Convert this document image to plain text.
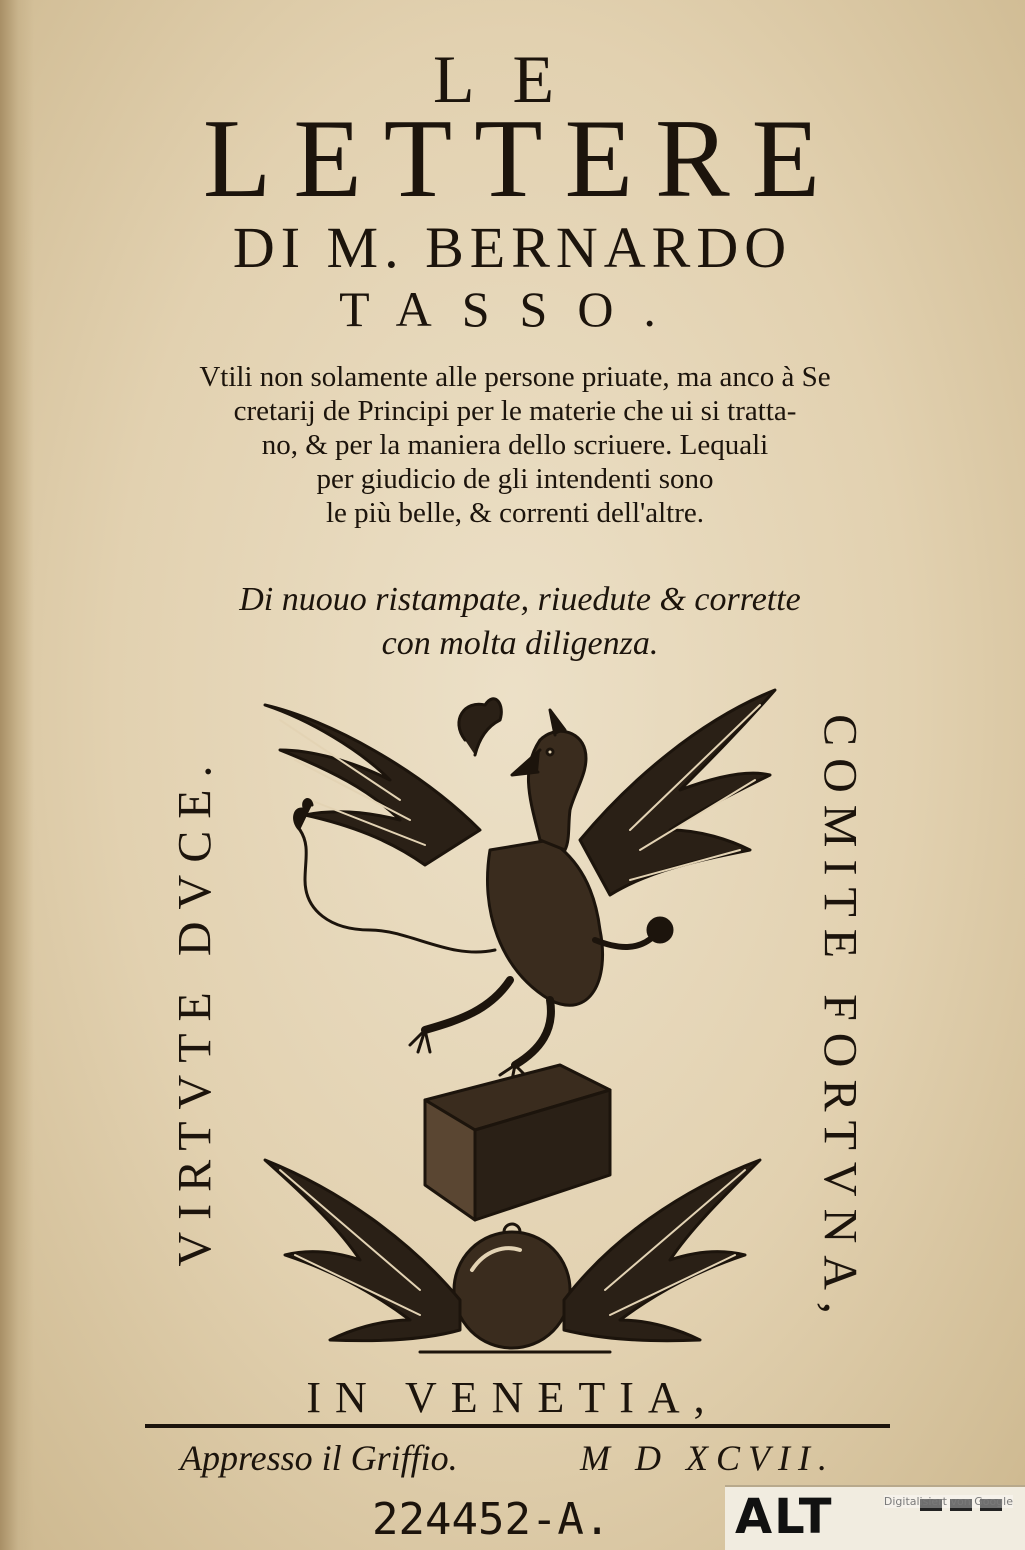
LE
LETTERE
DI M. BERNARDO
TASSO.
Vtili non solamente alle persone priuate, ma anco à Se
cretarij de Principi per le materie che ui si tratta-
no, & per la maniera dello scriuere. Lequali
per giudicio de gli intendenti sono
le più belle, & correnti dell'altre.
Di nuouo ristampate, riuedute & corrette
con molta diligenza.
VIRTVTE DVCE.	COMITE FORTVNA,
IN VENETIA,
Appresso il Griffio.	M D XCVII.
224452-A.	ALT	Digitalisiert von Google
